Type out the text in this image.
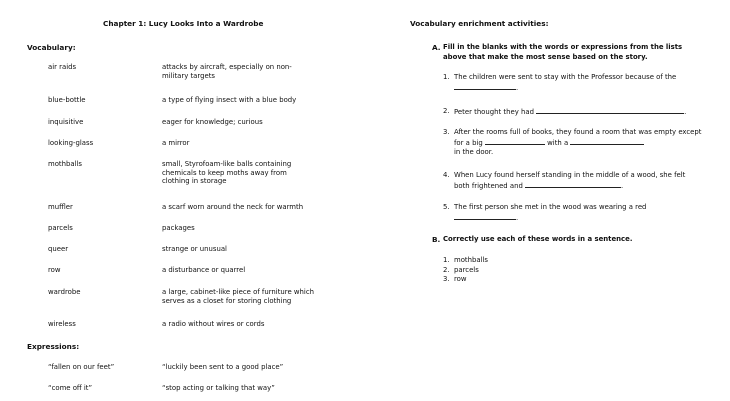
Chapter 1: Lucy Looks Into a Wardrobe
Vocabulary:
air raids	attacks by aircraft, especially on non-military targets
blue-bottle	a type of flying insect with a blue body
inquisitive	eager for knowledge; curious
looking-glass	a mirror
mothballs	small, Styrofoam-like balls containing chemicals to keep moths away from clothing in storage
muffler	a scarf worn around the neck for warmth
parcels	packages
queer	strange or unusual
row	a disturbance or quarrel
wardrobe	a large, cabinet-like piece of furniture which serves as a closet for storing clothing
wireless	a radio without wires or cords
Expressions:
“fallen on our feet”	“luckily been sent to a good place”
“come off it”	“stop acting or talking that way”
Vocabulary enrichment activities:
A. Fill in the blanks with the words or expressions from the lists above that make the most sense based on the story.
1. The children were sent to stay with the Professor because of the
.
2. Peter thought they had	.
3. After the rooms full of books, they found a room that was empty except for a big	with a
in the door.
4. When Lucy found herself standing in the middle of a wood, she felt both frightened and	.
5. The first person she met in the wood was wearing a red
.
B. Correctly use each of these words in a sentence.
1. mothballs
2. parcels
3. row
